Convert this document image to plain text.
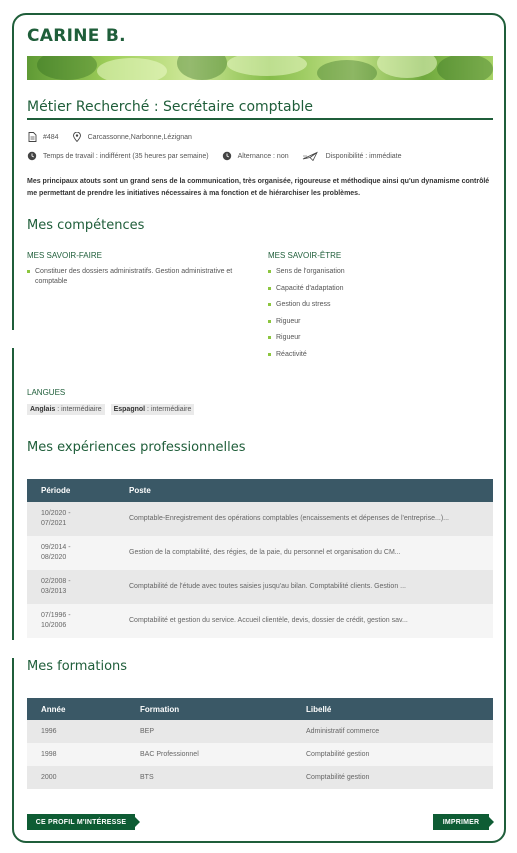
CARINE B.
Métier Recherché : Secrétaire comptable
#484	Carcassonne,Narbonne,Lézignan
Temps de travail : indifférent (35 heures par semaine)	Alternance : non	Disponibilité : immédiate
Mes principaux atouts sont un grand sens de la communication, très organisée, rigoureuse et méthodique ainsi qu'un dynamisme contrôlé me permettant de prendre les initiatives nécessaires à ma fonction et de hiérarchiser les problèmes.
Mes compétences
MES SAVOIR-FAIRE
Constituer des dossiers administratifs. Gestion administrative et comptable
MES SAVOIR-ÊTRE
Sens de l'organisation
Capacité d'adaptation
Gestion du stress
Rigueur
Rigueur
Réactivité
LANGUES
Anglais : intermédiaire	Espagnol : intermédiaire
Mes expériences professionnelles
Période	Poste
10/2020 -
07/2021	Comptable-Enregistrement des opérations comptables (encaissements et dépenses de l'entreprise...)...
09/2014 -
08/2020	Gestion de la comptabilité, des régies, de la paie, du personnel et organisation du CM...
02/2008 -
03/2013	Comptabilité de l'étude avec toutes saisies jusqu'au bilan. Comptabilité clients. Gestion ...
07/1996 -
10/2006	Comptabilité et gestion du service. Accueil clientèle, devis, dossier de crédit, gestion sav...
Mes formations
Année	Formation	Libellé
1996	BEP	Administratif commerce
1998	BAC Professionnel	Comptabilité gestion
2000	BTS	Comptabilité gestion
CE PROFIL M'INTÉRESSE	IMPRIMER
